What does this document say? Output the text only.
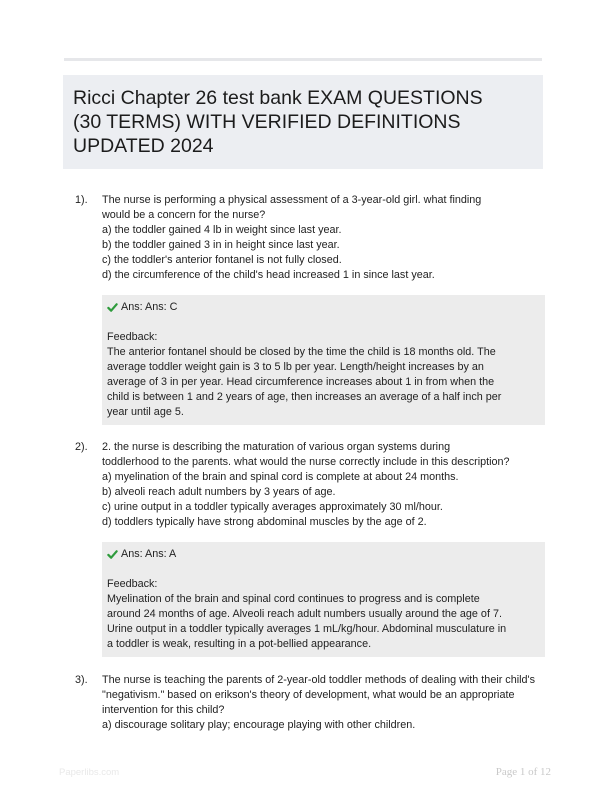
Ricci Chapter 26 test bank EXAM QUESTIONS
(30 TERMS) WITH VERIFIED DEFINITIONS
UPDATED 2024
1). The nurse is performing a physical assessment of a 3-year-old girl. what finding
would be a concern for the nurse?
a) the toddler gained 4 lb in weight since last year.
b) the toddler gained 3 in in height since last year.
c) the toddler's anterior fontanel is not fully closed.
d) the circumference of the child's head increased 1 in since last year.
Ans: Ans: C
Feedback:
The anterior fontanel should be closed by the time the child is 18 months old. The
average toddler weight gain is 3 to 5 lb per year. Length/height increases by an
average of 3 in per year. Head circumference increases about 1 in from when the
child is between 1 and 2 years of age, then increases an average of a half inch per
year until age 5.
2). 2. the nurse is describing the maturation of various organ systems during
toddlerhood to the parents. what would the nurse correctly include in this description?
a) myelination of the brain and spinal cord is complete at about 24 months.
b) alveoli reach adult numbers by 3 years of age.
c) urine output in a toddler typically averages approximately 30 ml/hour.
d) toddlers typically have strong abdominal muscles by the age of 2.
Ans: Ans: A
Feedback:
Myelination of the brain and spinal cord continues to progress and is complete
around 24 months of age. Alveoli reach adult numbers usually around the age of 7.
Urine output in a toddler typically averages 1 mL/kg/hour. Abdominal musculature in
a toddler is weak, resulting in a pot-bellied appearance.
3). The nurse is teaching the parents of 2-year-old toddler methods of dealing with their child's
"negativism." based on erikson's theory of development, what would be an appropriate
intervention for this child?
a) discourage solitary play; encourage playing with other children.
Paperlibs.com	Page 1 of 12
